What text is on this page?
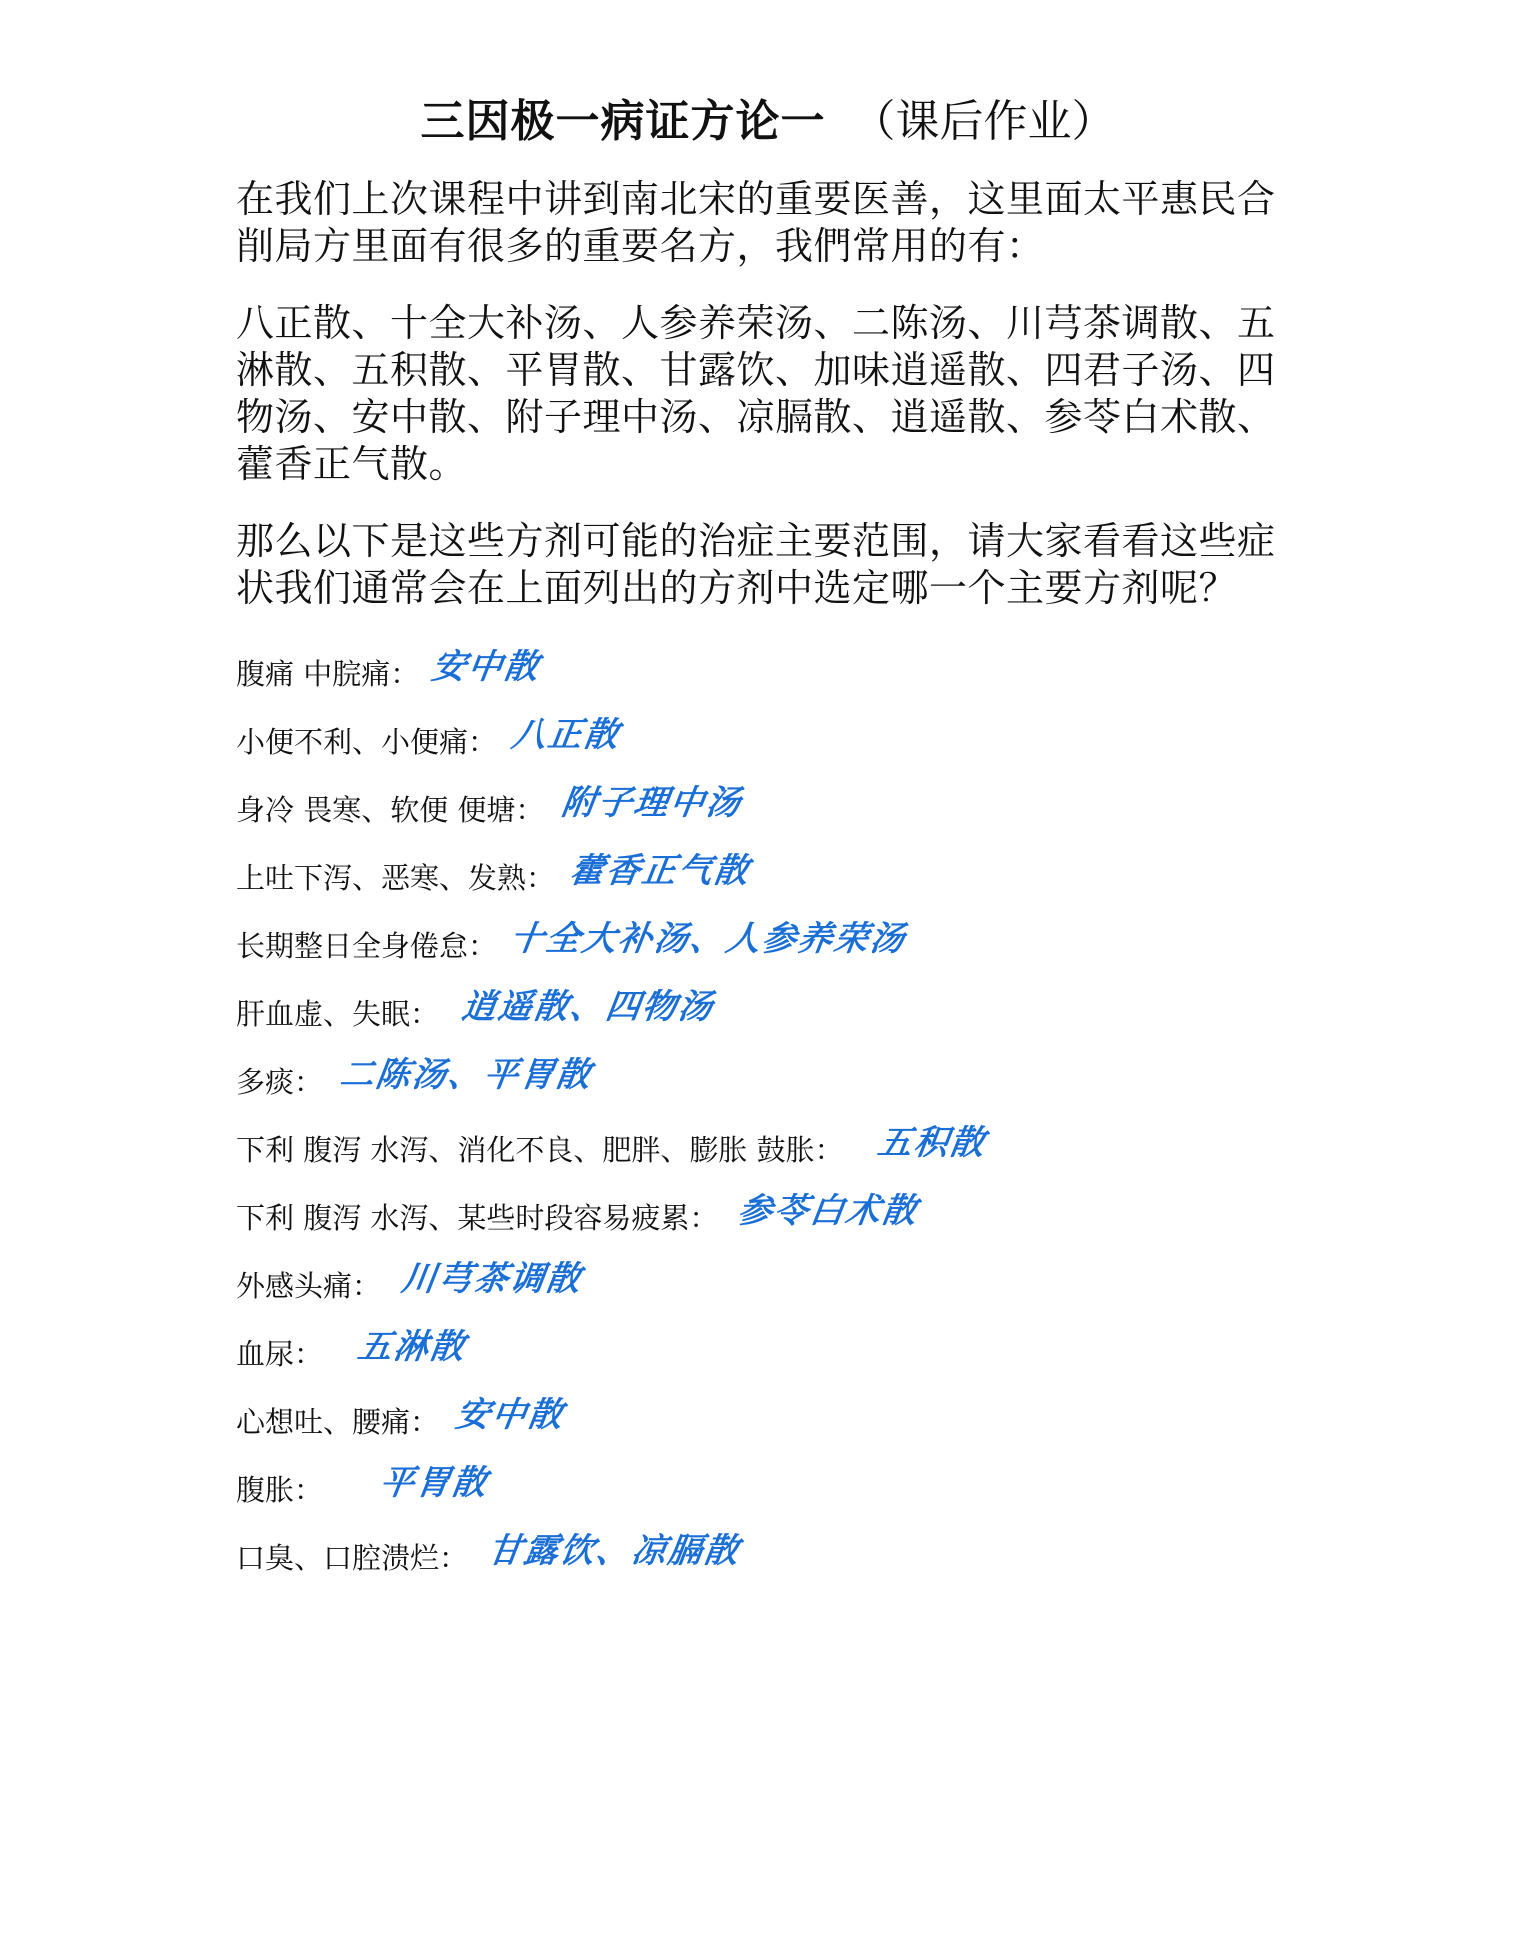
三因极一病证方论一 （课后作业）
在我们上次课程中讲到南北宋的重要医善，这里面太平惠民合削局方里面有很多的重要名方，我們常用的有：
八正散、十全大补汤、人参养荣汤、二陈汤、川芎茶调散、五淋散、五积散、平胃散、甘露饮、加味逍遥散、四君子汤、四物汤、安中散、附子理中汤、凉膈散、逍遥散、参苓白术散、藿香正气散。
那么以下是这些方剂可能的治症主要范围，请大家看看这些症状我们通常会在上面列出的方剂中选定哪一个主要方剂呢？
腹痛 中脘痛： 安中散
小便不利、小便痛： 八正散
身冷 畏寒、软便 便塘： 附子理中汤
上吐下泻、恶寒、发熟： 藿香正气散
长期整日全身倦怠： 十全大补汤、人参养荣汤
肝血虚、失眠： 逍遥散、四物汤
多痰： 二陈汤、平胃散
下利 腹泻 水泻、消化不良、肥胖、膨胀 鼓胀： 五积散
下利 腹泻 水泻、某些时段容易疲累： 参苓白术散
外感头痛： 川芎茶调散
血尿： 五淋散
心想吐、腰痛： 安中散
腹胀： 平胃散
口臭、口腔溃烂： 甘露饮、凉膈散
